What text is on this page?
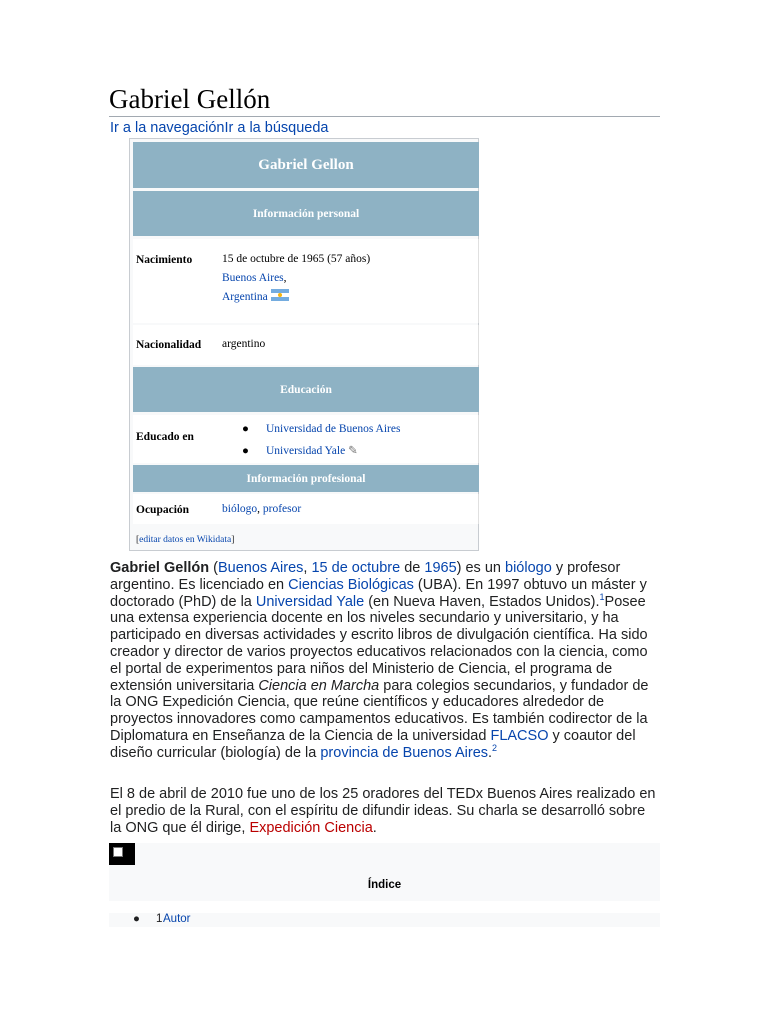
Gabriel Gellón
Ir a la navegaciónIr a la búsqueda
Gabriel Gellon
Información personal
Nacimiento	15 de octubre de 1965 (57 años)
Buenos Aires,
Argentina
Nacionalidad argentino
Educación
Educado en
● Universidad de Buenos Aires
● Universidad Yale ✎
Información profesional
Ocupación	biólogo, profesor
[editar datos en Wikidata]

Gabriel Gellón (Buenos Aires, 15 de octubre de 1965) es un biólogo y profesor argentino. Es licenciado en Ciencias Biológicas (UBA). En 1997 obtuvo un máster y doctorado (PhD) de la Universidad Yale (en Nueva Haven, Estados Unidos).$^1$Posee una extensa experiencia docente en los niveles secundario y universitario, y ha participado en diversas actividades y escrito libros de divulgación científica. Ha sido creador y director de varios proyectos educativos relacionados con la ciencia, como el portal de experimentos para niños del Ministerio de Ciencia, el programa de extensión universitaria Ciencia en Marcha para colegios secundarios, y fundador de la ONG Expedición Ciencia, que reúne científicos y educadores alrededor de proyectos innovadores como campamentos educativos. Es también codirector de la Diplomatura en Enseñanza de la Ciencia de la universidad FLACSO y coautor del diseño curricular (biología) de la provincia de Buenos Aires.$^2$

El 8 de abril de 2010 fue uno de los 25 oradores del TEDx Buenos Aires realizado en el predio de la Rural, con el espíritu de difundir ideas. Su charla se desarrolló sobre la ONG que él dirige, Expedición Ciencia.

Índice
● 1 Autor
